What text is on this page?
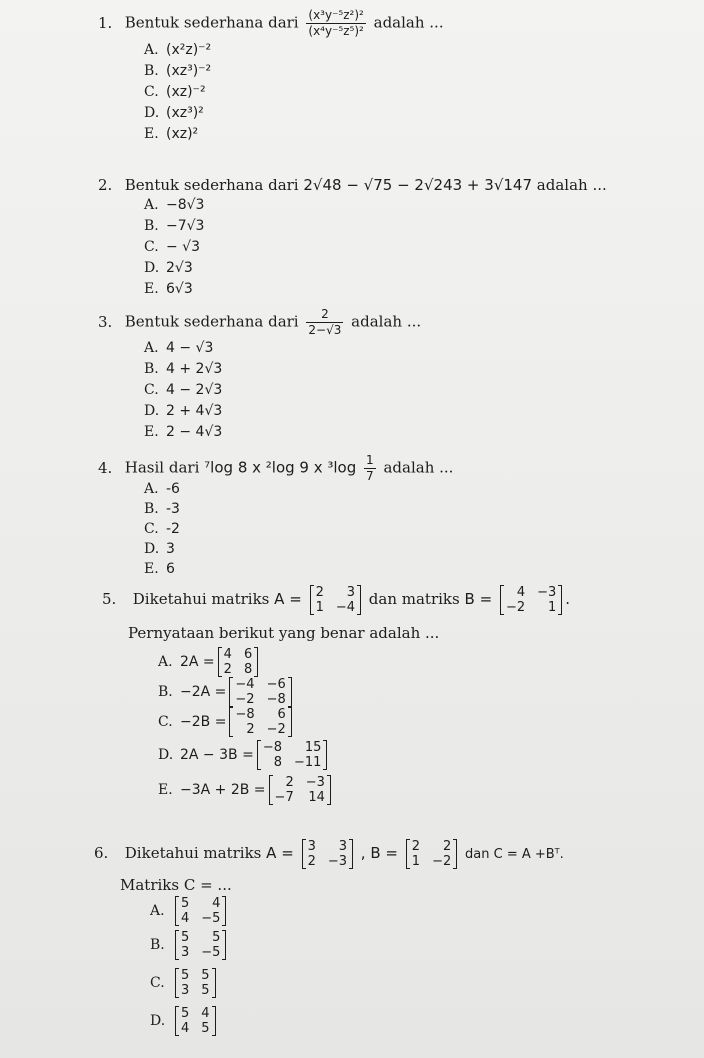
1. Bentuk sederhana dari $\frac{\text{(x³y⁻⁵z²)²}}{\text{(x⁴y⁻⁵z⁵)²}}$ adalah ...
A. (x²z)⁻²
B. (xz³)⁻²
C. (xz)⁻²
D. (xz³)²
E. (xz)²
2. Bentuk sederhana dari 2√48 − √75 − 2√243 + 3√147 adalah ...
A. −8√3
B. −7√3
C. − √3
D. 2√3
E. 6√3
3. Bentuk sederhana dari $\frac{2}{2-√3}$ adalah ...
A. 4 − √3
B. 4 + 2√3
C. 4 − 2√3
D. 2 + 4√3
E. 2 − 4√3
4. Hasil dari ⁷log 8 x ²log 9 x $^3\log \frac{1}{7}$ adalah ...
A. -6
B. -3
C. -2
D. 3
E. 6
5. Diketahui matriks A = 2	3
1 −4 dan matriks B =	4 −3
−2	1 .
Pernyataan berikut yang benar adalah ...
A. 2A = 4 6
2 8
B. −2A = −4 −6
−2 −8
C. −2B = −8	6
2 −2
D. 2A − 3B = −8	15
8 −11
E. −3A + 2B =	2 −3
−7 14
6. Diketahui matriks A = 3	3
2 −3 , B = 2	2
1 −2 dan C = A +Bᵀ.
Matriks C = ...
A. 5	4
4 −5
B. 5	5
3 −5
C. 5 5
3 5
D. 5 4
4 5
